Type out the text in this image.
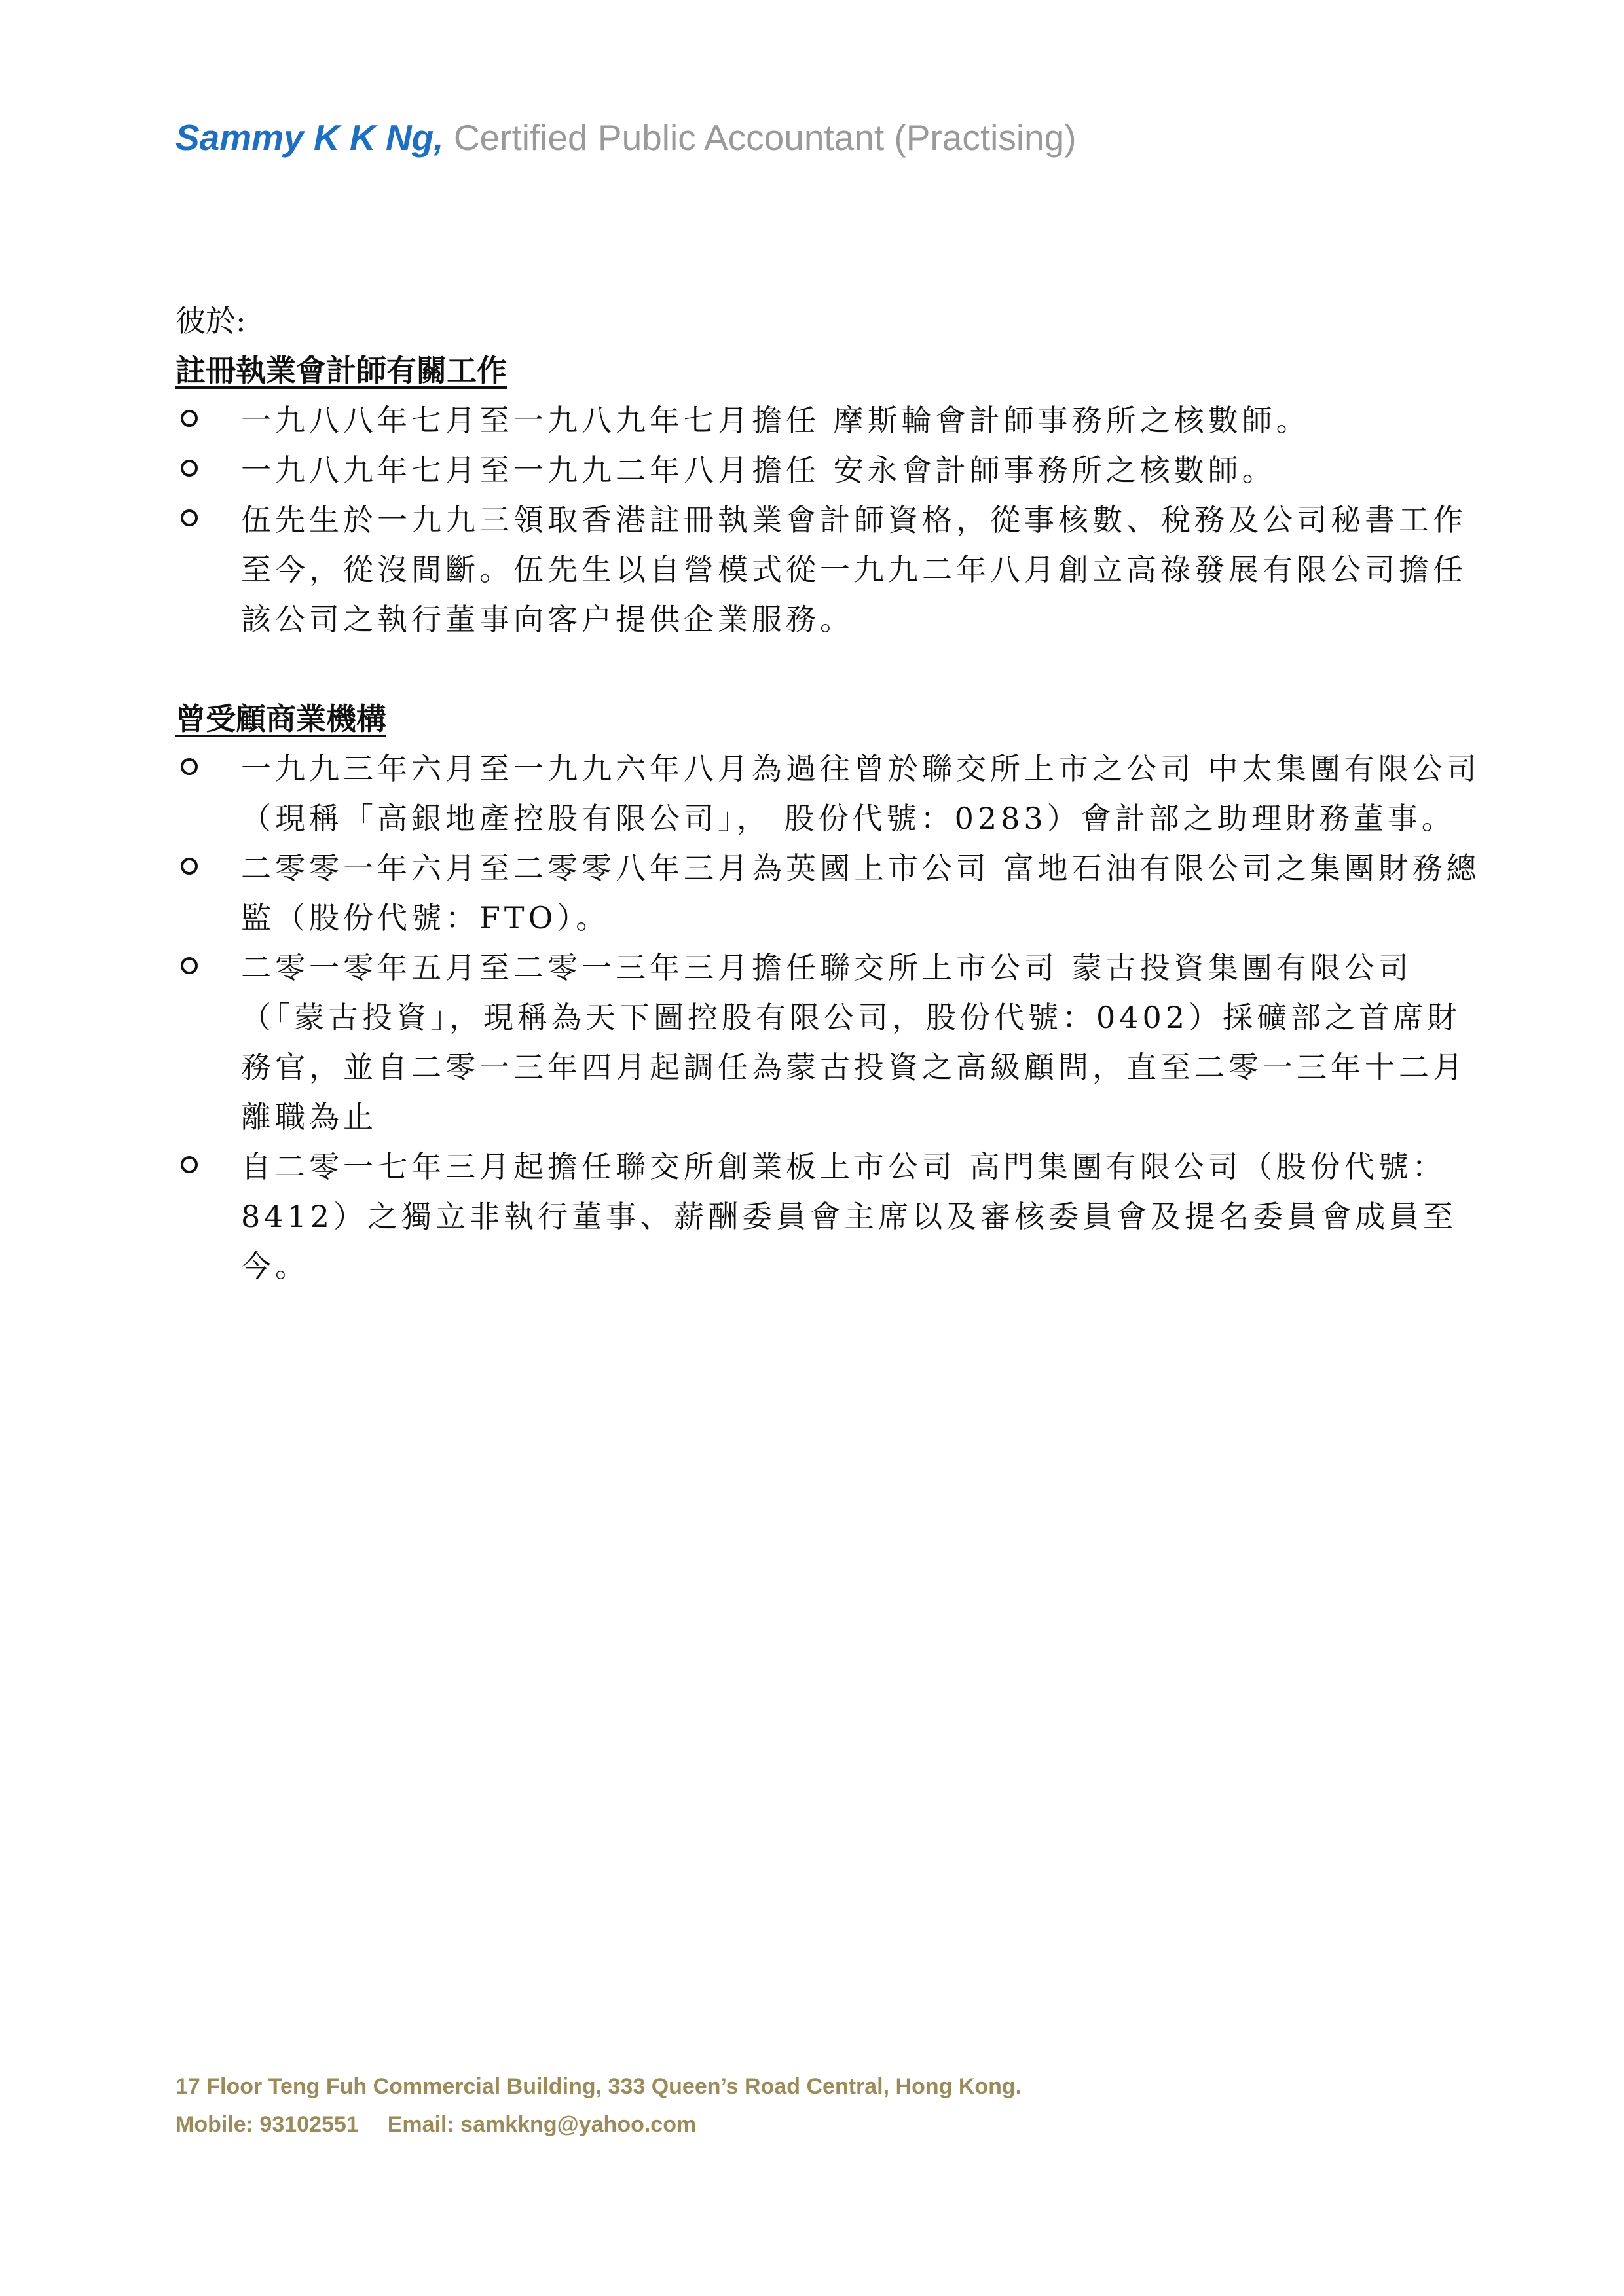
Sammy K K Ng, Certified Public Accountant (Practising)

彼於:

註冊執業會計師有關工作

一九八八年七月至一九八九年七月擔任 摩斯輪會計師事務所之核數師。
一九八九年七月至一九九二年八月擔任 安永會計師事務所之核數師。
伍先生於一九九三領取香港註冊執業會計師資格，從事核數、稅務及公司秘書工作至今，從沒間斷。伍先生以自營模式從一九九二年八月創立高祿發展有限公司擔任該公司之執行董事向客户提供企業服務。

曾受顧商業機構

一九九三年六月至一九九六年八月為過往曾於聯交所上市之公司 中太集團有限公司（現稱「高銀地產控股有限公司」， 股份代號：0283）會計部之助理財務董事。
二零零一年六月至二零零八年三月為英國上市公司 富地石油有限公司之集團財務總監（股份代號：FTO）。
二零一零年五月至二零一三年三月擔任聯交所上市公司 蒙古投資集團有限公司（「蒙古投資」，現稱為天下圖控股有限公司，股份代號：0402）採礦部之首席財務官，並自二零一三年四月起調任為蒙古投資之高級顧問，直至二零一三年十二月離職為止
自二零一七年三月起擔任聯交所創業板上市公司 高門集團有限公司（股份代號：8412）之獨立非執行董事、薪酬委員會主席以及審核委員會及提名委員會成員至今。
17 Floor Teng Fuh Commercial Building, 333 Queen’s Road Central, Hong Kong.
Mobile: 93102551 Email: samkkng@yahoo.com
